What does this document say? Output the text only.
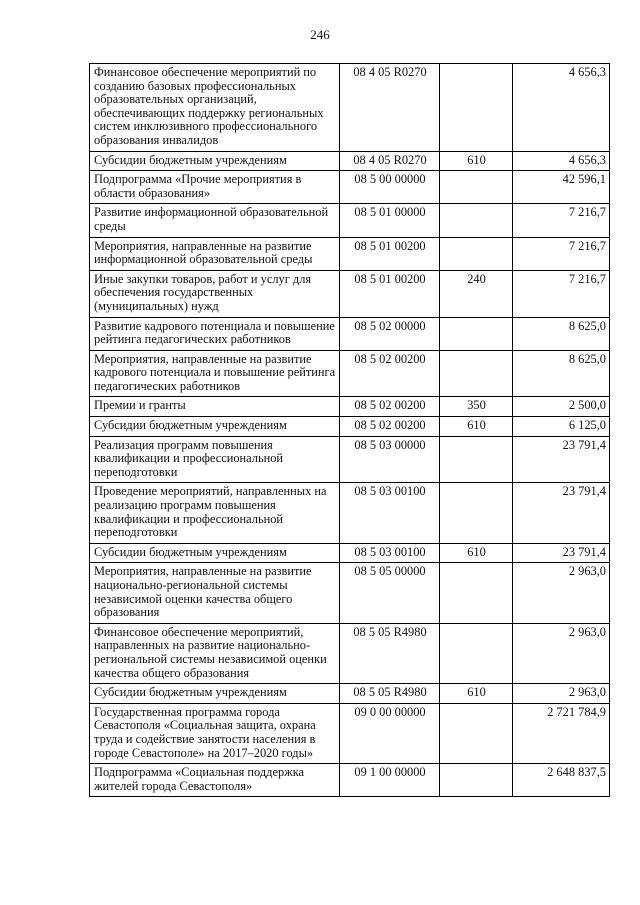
246
Финансовое обеспечение мероприятий по созданию базовых профессиональных образовательных организаций, обеспечивающих поддержку региональных систем инклюзивного профессионального образования инвалидов	08 4 05 R0270		4 656,3
Субсидии бюджетным учреждениям	08 4 05 R0270	610	4 656,3
Подпрограмма «Прочие мероприятия в области образования»	08 5 00 00000		42 596,1
Развитие информационной образовательной среды	08 5 01 00000		7 216,7
Мероприятия, направленные на развитие информационной образовательной среды	08 5 01 00200		7 216,7
Иные закупки товаров, работ и услуг для обеспечения государственных (муниципальных) нужд	08 5 01 00200	240	7 216,7
Развитие кадрового потенциала и повышение рейтинга педагогических работников	08 5 02 00000		8 625,0
Мероприятия, направленные на развитие кадрового потенциала и повышение рейтинга педагогических работников	08 5 02 00200		8 625,0
Премии и гранты	08 5 02 00200	350	2 500,0
Субсидии бюджетным учреждениям	08 5 02 00200	610	6 125,0
Реализация программ повышения квалификации и профессиональной переподготовки	08 5 03 00000		23 791,4
Проведение мероприятий, направленных на реализацию программ повышения квалификации и профессиональной переподготовки	08 5 03 00100		23 791,4
Субсидии бюджетным учреждениям	08 5 03 00100	610	23 791,4
Мероприятия, направленные на развитие национально-региональной системы независимой оценки качества общего образования	08 5 05 00000		2 963,0
Финансовое обеспечение мероприятий, направленных на развитие национально-региональной системы независимой оценки качества общего образования	08 5 05 R4980		2 963,0
Субсидии бюджетным учреждениям	08 5 05 R4980	610	2 963,0
Государственная программа города Севастополя «Социальная защита, охрана труда и содействие занятости населения в городе Севастополе» на 2017–2020 годы»	09 0 00 00000		2 721 784,9
Подпрограмма «Социальная поддержка жителей города Севастополя»	09 1 00 00000		2 648 837,5
